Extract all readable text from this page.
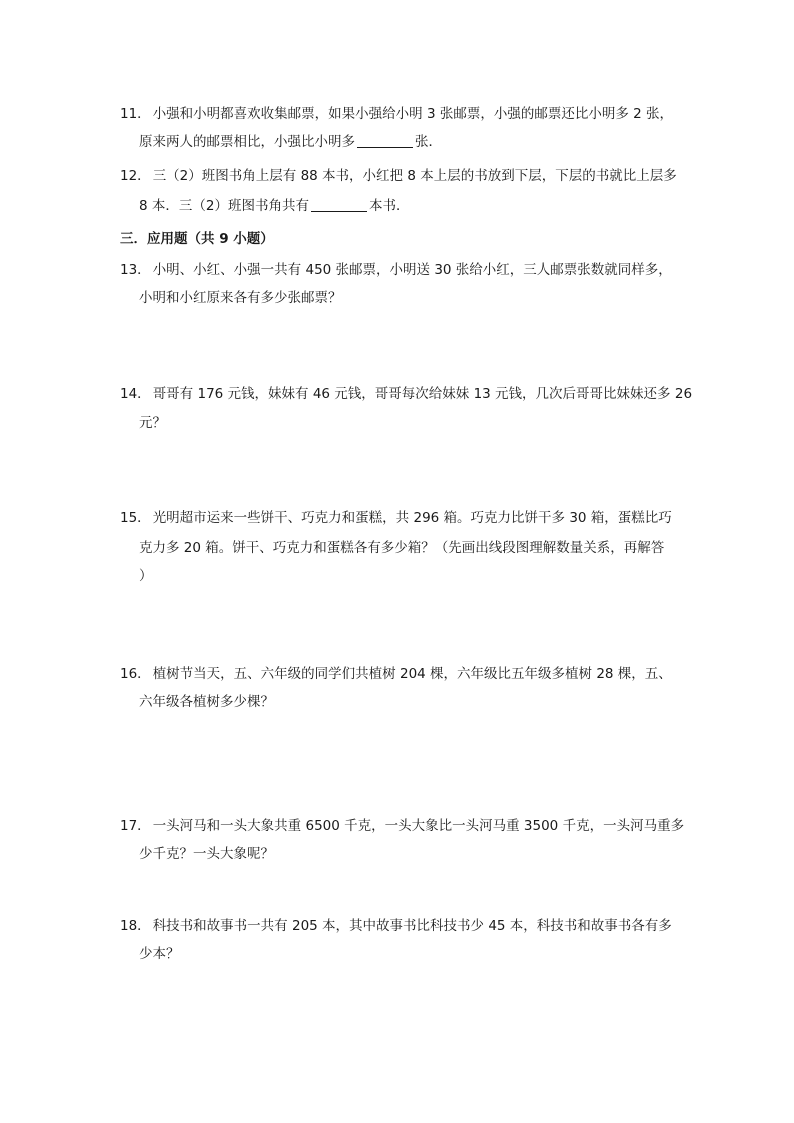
11． 小强和小明都喜欢收集邮票，如果小强给小明 3 张邮票，小强的邮票还比小明多 2 张，
原来两人的邮票相比，小强比小明多	张．
12． 三（2）班图书角上层有 88 本书，小红把 8 本上层的书放到下层，下层的书就比上层多
8 本．三（2）班图书角共有	本书．
三．应用题（共 9 小题）
13． 小明、小红、小强一共有 450 张邮票，小明送 30 张给小红，三人邮票张数就同样多，
小明和小红原来各有多少张邮票？
14． 哥哥有 176 元钱，妹妹有 46 元钱，哥哥每次给妹妹 13 元钱，几次后哥哥比妹妹还多 26
元？
15． 光明超市运来一些饼干、巧克力和蛋糕，共 296 箱。巧克力比饼干多 30 箱，蛋糕比巧
克力多 20 箱。饼干、巧克力和蛋糕各有多少箱？（先画出线段图理解数量关系，再解答
）
16． 植树节当天，五、六年级的同学们共植树 204 棵，六年级比五年级多植树 28 棵，五、
六年级各植树多少棵？
17． 一头河马和一头大象共重 6500 千克，一头大象比一头河马重 3500 千克，一头河马重多
少千克？一头大象呢？
18． 科技书和故事书一共有 205 本，其中故事书比科技书少 45 本，科技书和故事书各有多
少本？
